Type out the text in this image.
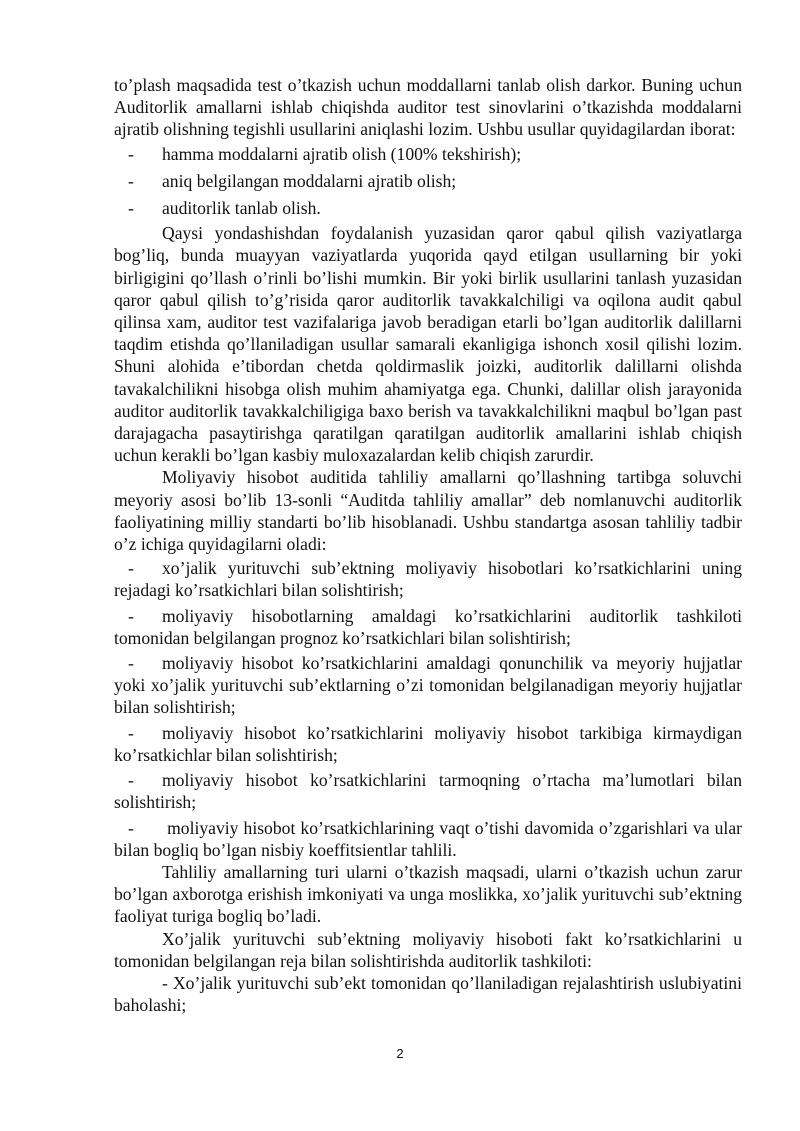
to’plash maqsadida test o’tkazish uchun moddallarni tanlab olish darkor. Buning uchun Auditorlik amallarni ishlab chiqishda auditor test sinovlarini o’tkazishda moddalarni ajratib olishning tegishli usullarini aniqlashi lozim. Ushbu usullar quyidagilardan iborat:

- hamma moddalarni ajratib olish (100% tekshirish);
- aniq belgilangan moddalarni ajratib olish;
- auditorlik tanlab olish.

Qaysi yondashishdan foydalanish yuzasidan qaror qabul qilish vaziyatlarga bog’liq, bunda muayyan vaziyatlarda yuqorida qayd etilgan usullarning bir yoki birligigini qo’llash o’rinli bo’lishi mumkin. Bir yoki birlik usullarini tanlash yuzasidan qaror qabul qilish to’g’risida qaror auditorlik tavakkalchiligi va oqilona audit qabul qilinsa xam, auditor test vazifalariga javob beradigan etarli bo’lgan auditorlik dalillarni taqdim etishda qo’llaniladigan usullar samarali ekanligiga ishonch xosil qilishi lozim. Shuni alohida e’tibordan chetda qoldirmaslik joizki, auditorlik dalillarni olishda tavakalchilikni hisobga olish muhim ahamiyatga ega. Chunki, dalillar olish jarayonida auditor auditorlik tavakkalchiligiga baxo berish va tavakkalchilikni maqbul bo’lgan past darajagacha pasaytirishga qaratilgan qaratilgan auditorlik amallarini ishlab chiqish uchun kerakli bo’lgan kasbiy muloxazalardan kelib chiqish zarurdir.

Moliyaviy hisobot auditida tahliliy amallarni qo’llashning tartibga soluvchi meyoriy asosi bo’lib 13-sonli “Auditda tahliliy amallar” deb nomlanuvchi auditorlik faoliyatining milliy standarti bo’lib hisoblanadi. Ushbu standartga asosan tahliliy tadbir o’z ichiga quyidagilarni oladi:

- xo’jalik yurituvchi sub’ektning moliyaviy hisobotlari ko’rsatkichlarini uning rejadagi ko’rsatkichlari bilan solishtirish;

- moliyaviy hisobotlarning amaldagi ko’rsatkichlarini auditorlik tashkiloti tomonidan belgilangan prognoz ko’rsatkichlari bilan solishtirish;

- moliyaviy hisobot ko’rsatkichlarini amaldagi qonunchilik va meyoriy hujjatlar yoki xo’jalik yurituvchi sub’ektlarning o’zi tomonidan belgilanadigan meyoriy hujjatlar bilan solishtirish;

- moliyaviy hisobot ko’rsatkichlarini moliyaviy hisobot tarkibiga kirmaydigan ko’rsatkichlar bilan solishtirish;

- moliyaviy hisobot ko’rsatkichlarini tarmoqning o’rtacha ma’lumotlari bilan solishtirish;

- moliyaviy hisobot ko’rsatkichlarining vaqt o’tishi davomida o’zgarishlari va ular bilan bogliq bo’lgan nisbiy koeffitsientlar tahlili.

Tahliliy amallarning turi ularni o’tkazish maqsadi, ularni o’tkazish uchun zarur bo’lgan axborotga erishish imkoniyati va unga moslikka, xo’jalik yurituvchi sub’ektning faoliyat turiga bogliq bo’ladi.

Xo’jalik yurituvchi sub’ektning moliyaviy hisoboti fakt ko’rsatkichlarini u tomonidan belgilangan reja bilan solishtirishda auditorlik tashkiloti:

- Xo’jalik yurituvchi sub’ekt tomonidan qo’llaniladigan rejalashtirish uslubiyatini baholashi;

2
